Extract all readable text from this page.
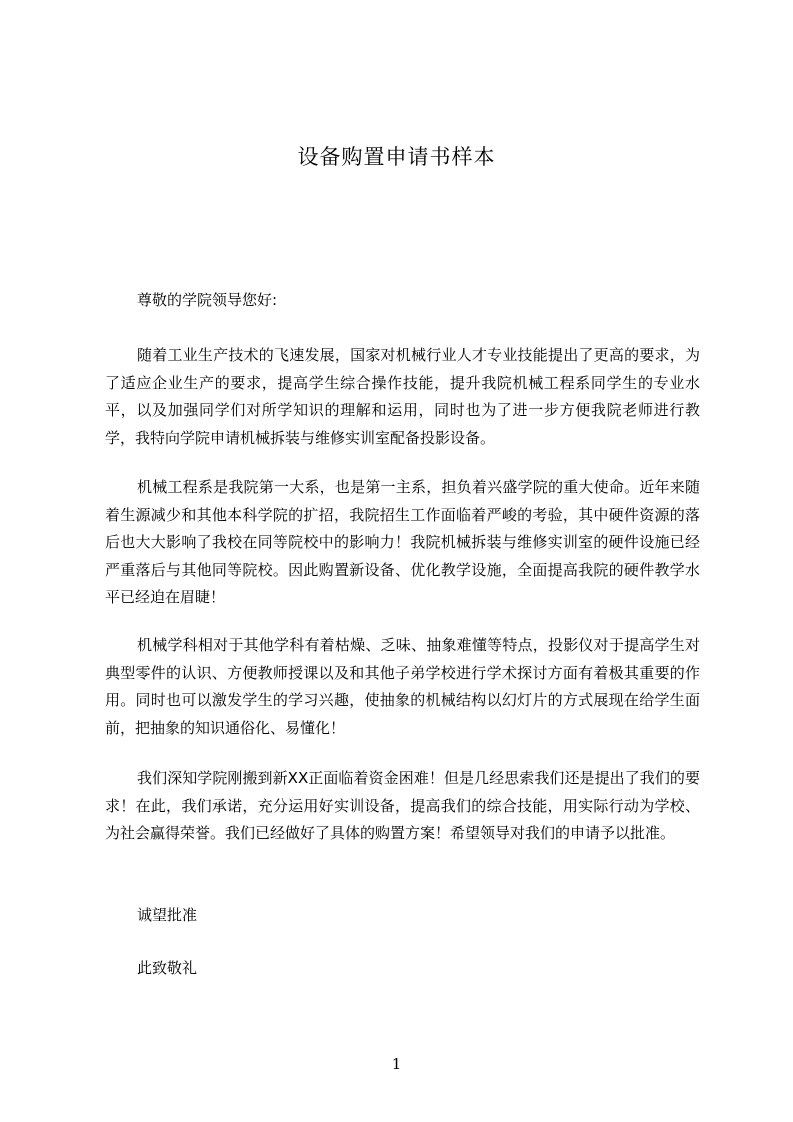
设备购置申请书样本
尊敬的学院领导您好:

随着工业生产技术的飞速发展，国家对机械行业人才专业技能提出了更高的要求，为了适应企业生产的要求，提高学生综合操作技能，提升我院机械工程系同学生的专业水平，以及加强同学们对所学知识的理解和运用，同时也为了进一步方便我院老师进行教学，我特向学院申请机械拆装与维修实训室配备投影设备。

机械工程系是我院第一大系，也是第一主系，担负着兴盛学院的重大使命。近年来随着生源减少和其他本科学院的扩招，我院招生工作面临着严峻的考验，其中硬件资源的落后也大大影响了我校在同等院校中的影响力！我院机械拆装与维修实训室的硬件设施已经严重落后与其他同等院校。因此购置新设备、优化教学设施，全面提高我院的硬件教学水平已经迫在眉睫！

机械学科相对于其他学科有着枯燥、乏味、抽象难懂等特点，投影仪对于提高学生对典型零件的认识、方便教师授课以及和其他子弟学校进行学术探讨方面有着极其重要的作用。同时也可以激发学生的学习兴趣，使抽象的机械结构以幻灯片的方式展现在给学生面前，把抽象的知识通俗化、易懂化！

我们深知学院刚搬到新XX正面临着资金困难！但是几经思索我们还是提出了我们的要求！在此，我们承诺，充分运用好实训设备，提高我们的综合技能，用实际行动为学校、为社会赢得荣誉。我们已经做好了具体的购置方案！希望领导对我们的申请予以批准。

诚望批准
此致敬礼
1
